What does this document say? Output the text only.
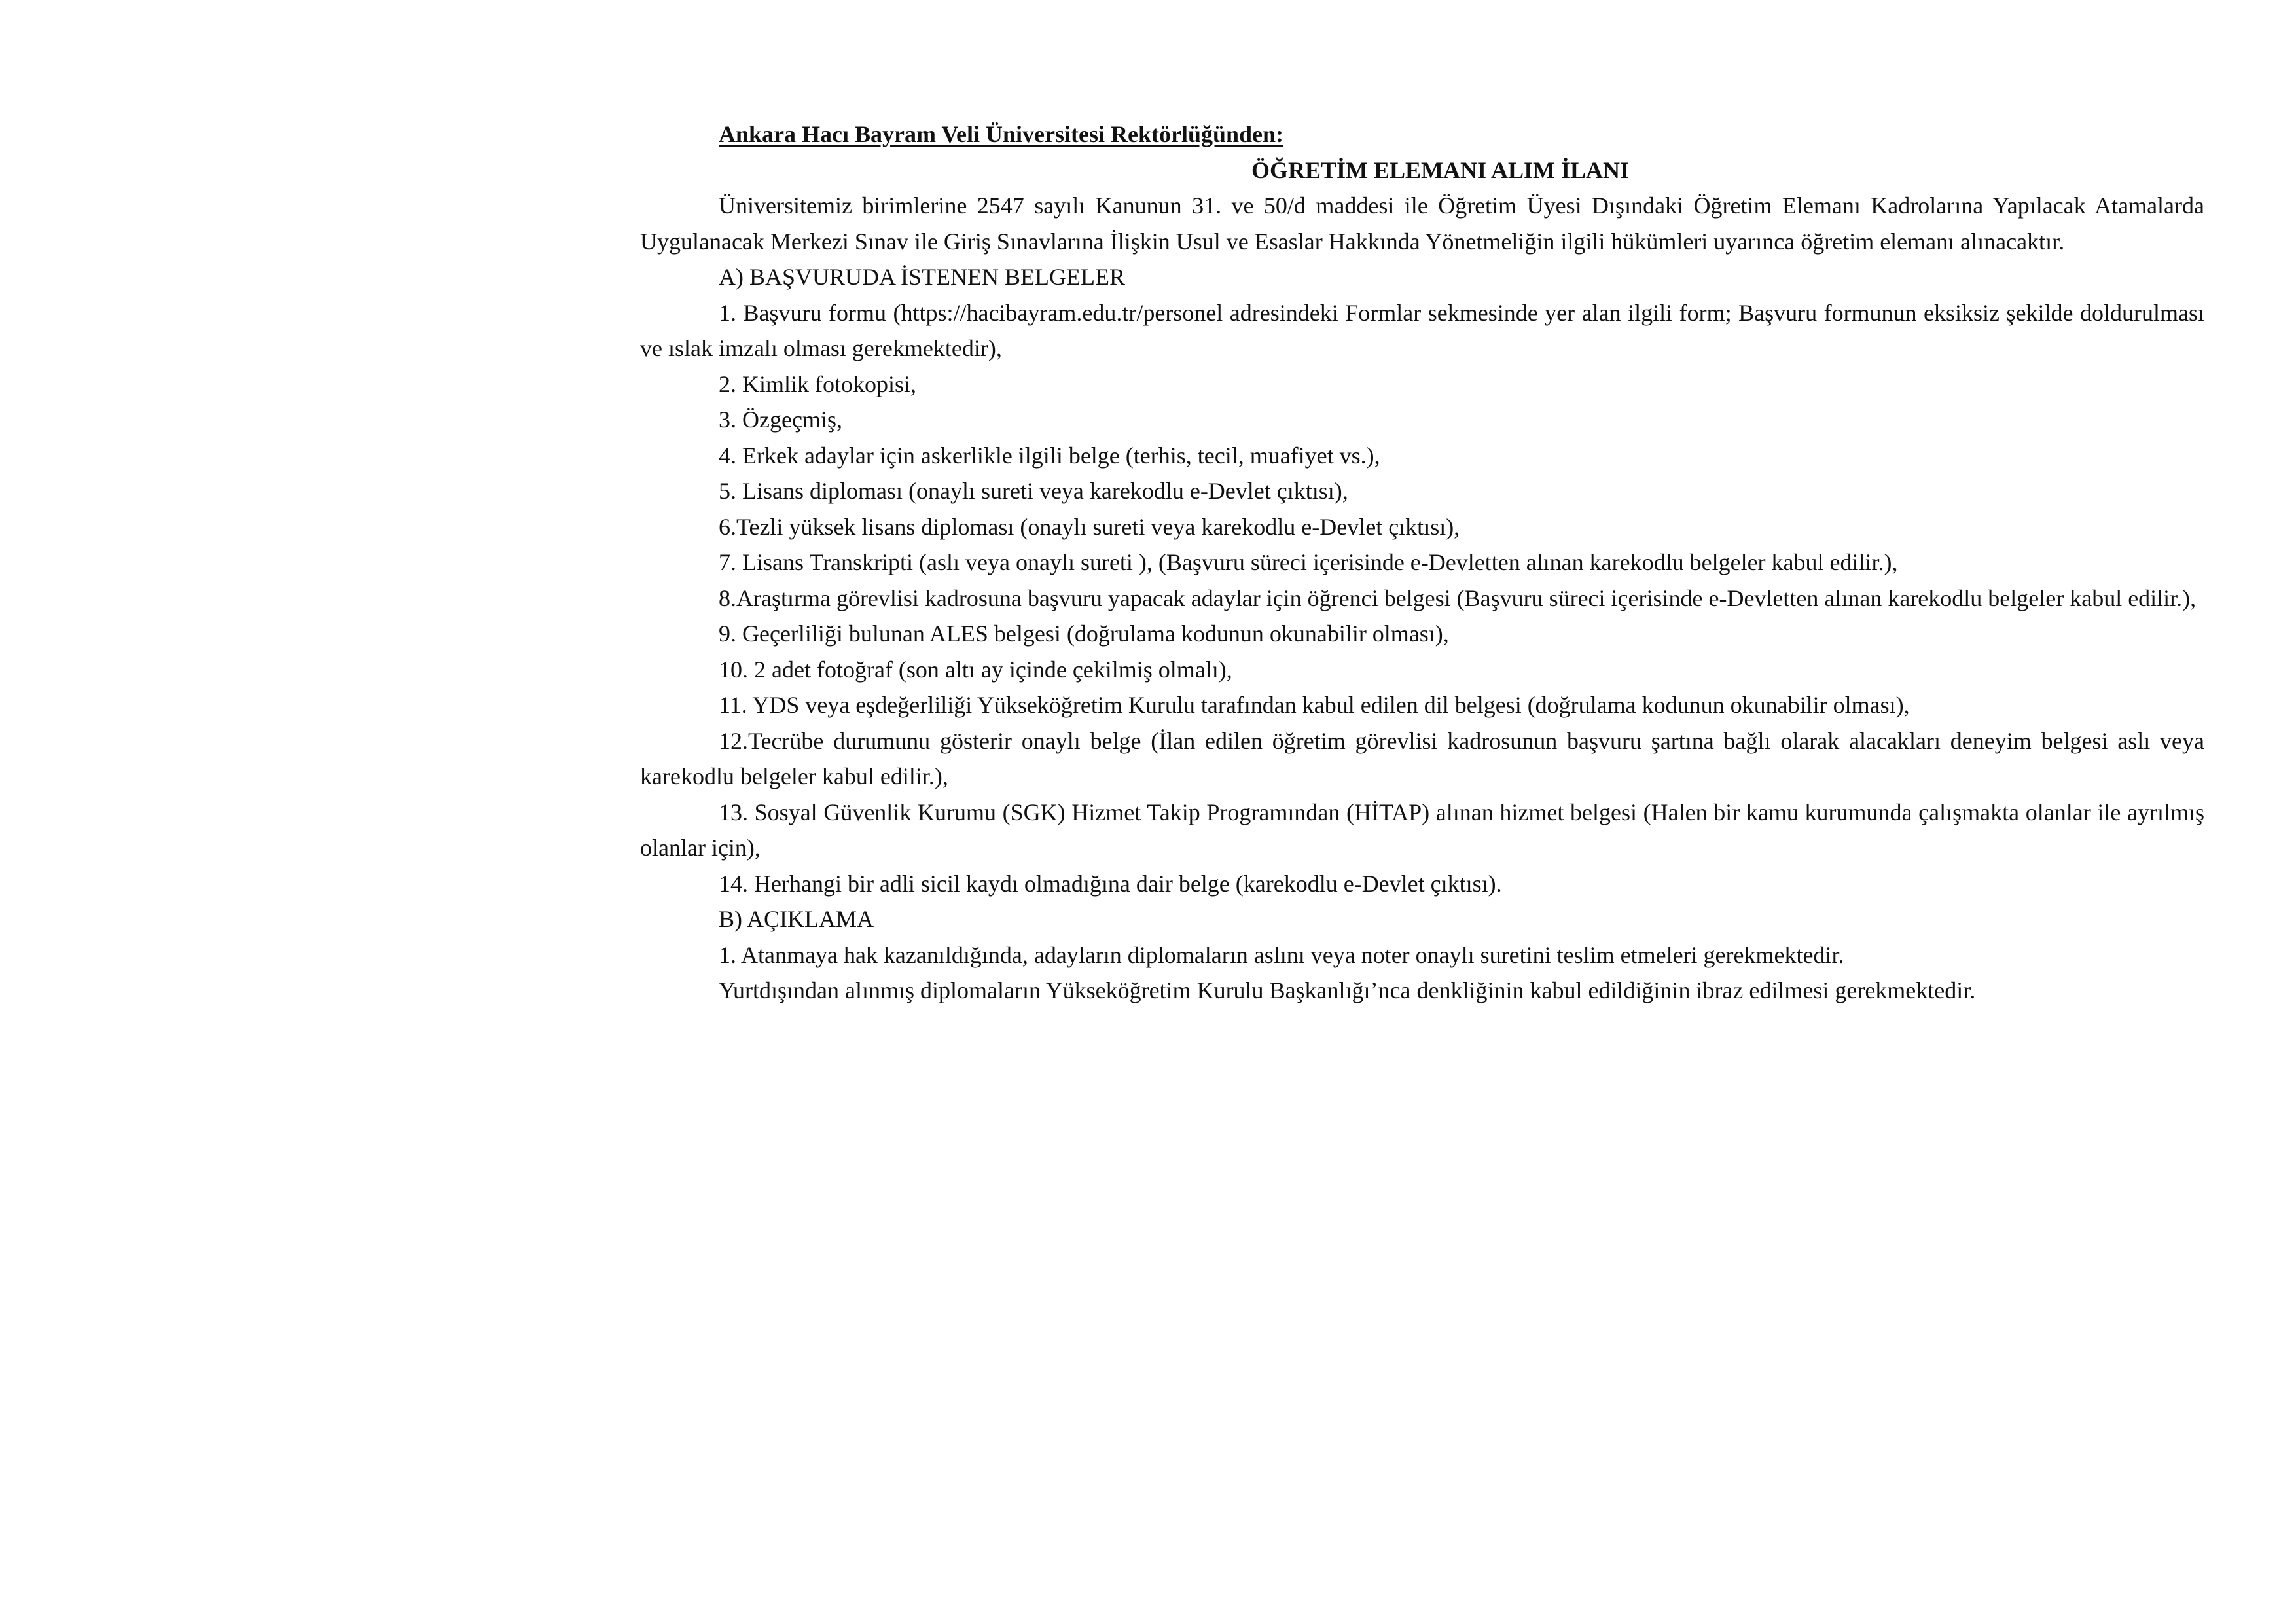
Ankara Hacı Bayram Veli Üniversitesi Rektörlüğünden:

ÖĞRETİM ELEMANI ALIM İLANI

Üniversitemiz birimlerine 2547 sayılı Kanunun 31. ve 50/d maddesi ile Öğretim Üyesi Dışındaki Öğretim Elemanı Kadrolarına Yapılacak Atamalarda Uygulanacak Merkezi Sınav ile Giriş Sınavlarına İlişkin Usul ve Esaslar Hakkında Yönetmeliğin ilgili hükümleri uyarınca öğretim elemanı alınacaktır.

A) BAŞVURUDA İSTENEN BELGELER

1. Başvuru formu (https://hacibayram.edu.tr/personel adresindeki Formlar sekmesinde yer alan ilgili form; Başvuru formunun eksiksiz şekilde doldurulması ve ıslak imzalı olması gerekmektedir),

2. Kimlik fotokopisi,

3. Özgeçmiş,

4. Erkek adaylar için askerlikle ilgili belge (terhis, tecil, muafiyet vs.),

5. Lisans diploması (onaylı sureti veya karekodlu e-Devlet çıktısı),

6.Tezli yüksek lisans diploması (onaylı sureti veya karekodlu e-Devlet çıktısı),

7. Lisans Transkripti (aslı veya onaylı sureti ), (Başvuru süreci içerisinde e-Devletten alınan karekodlu belgeler kabul edilir.),

8.Araştırma görevlisi kadrosuna başvuru yapacak adaylar için öğrenci belgesi (Başvuru süreci içerisinde e-Devletten alınan karekodlu belgeler kabul edilir.),

9. Geçerliliği bulunan ALES belgesi (doğrulama kodunun okunabilir olması),

10. 2 adet fotoğraf (son altı ay içinde çekilmiş olmalı),

11. YDS veya eşdeğerliliği Yükseköğretim Kurulu tarafından kabul edilen dil belgesi (doğrulama kodunun okunabilir olması),

12.Tecrübe durumunu gösterir onaylı belge (İlan edilen öğretim görevlisi kadrosunun başvuru şartına bağlı olarak alacakları deneyim belgesi aslı veya karekodlu belgeler kabul edilir.),

13. Sosyal Güvenlik Kurumu (SGK) Hizmet Takip Programından (HİTAP) alınan hizmet belgesi (Halen bir kamu kurumunda çalışmakta olanlar ile ayrılmış olanlar için),

14. Herhangi bir adli sicil kaydı olmadığına dair belge (karekodlu e-Devlet çıktısı).

B) AÇIKLAMA

1. Atanmaya hak kazanıldığında, adayların diplomaların aslını veya noter onaylı suretini teslim etmeleri gerekmektedir.

Yurtdışından alınmış diplomaların Yükseköğretim Kurulu Başkanlığı’nca denkliğinin kabul edildiğinin ibraz edilmesi gerekmektedir.
